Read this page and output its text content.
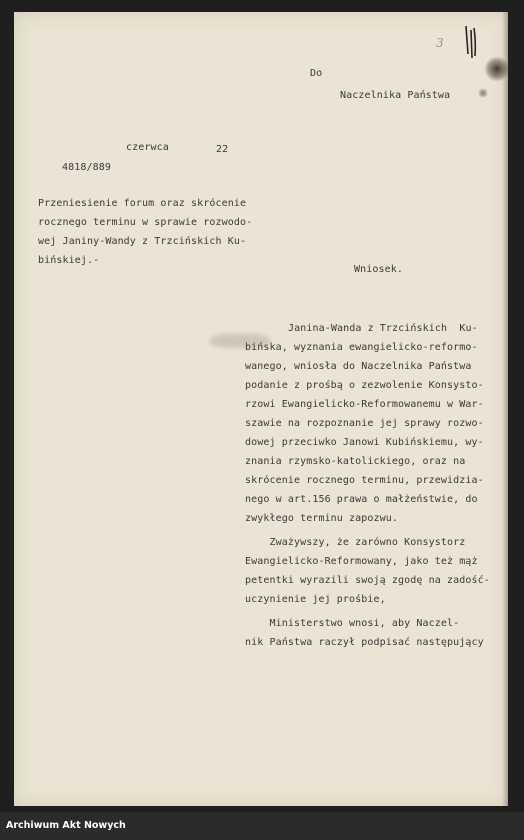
3
Do
Naczelnika Państwa
czerwca	22
4818/889
Przeniesienie forum oraz skrócenie
rocznego terminu w sprawie rozwodo-
wej Janiny-Wandy z Trzcińskich Ku-
bińskiej.-
Wniosek.
Janina-Wanda z Trzcińskich  Ku-
bińska, wyznania ewangielicko-reformo-
wanego, wniosła do Naczelnika Państwa
podanie z prośbą o zezwolenie Konsysto-
rzowi Ewangielicko-Reformowanemu w War-
szawie na rozpoznanie jej sprawy rozwo-
dowej przeciwko Janowi Kubińskiemu, wy-
znania rzymsko-katolickiego, oraz na
skrócenie rocznego terminu, przewidzia-
nego w art.156 prawa o małżeństwie, do
zwykłego terminu zapozwu.
Zważywszy, że zarówno Konsystorz
Ewangielicko-Reformowany, jako też mąż
petentki wyrazili swoją zgodę na zadość-
uczynienie jej prośbie,
Ministerstwo wnosi, aby Naczel-
nik Państwa raczył podpisać następujący
Archiwum Akt Nowych
